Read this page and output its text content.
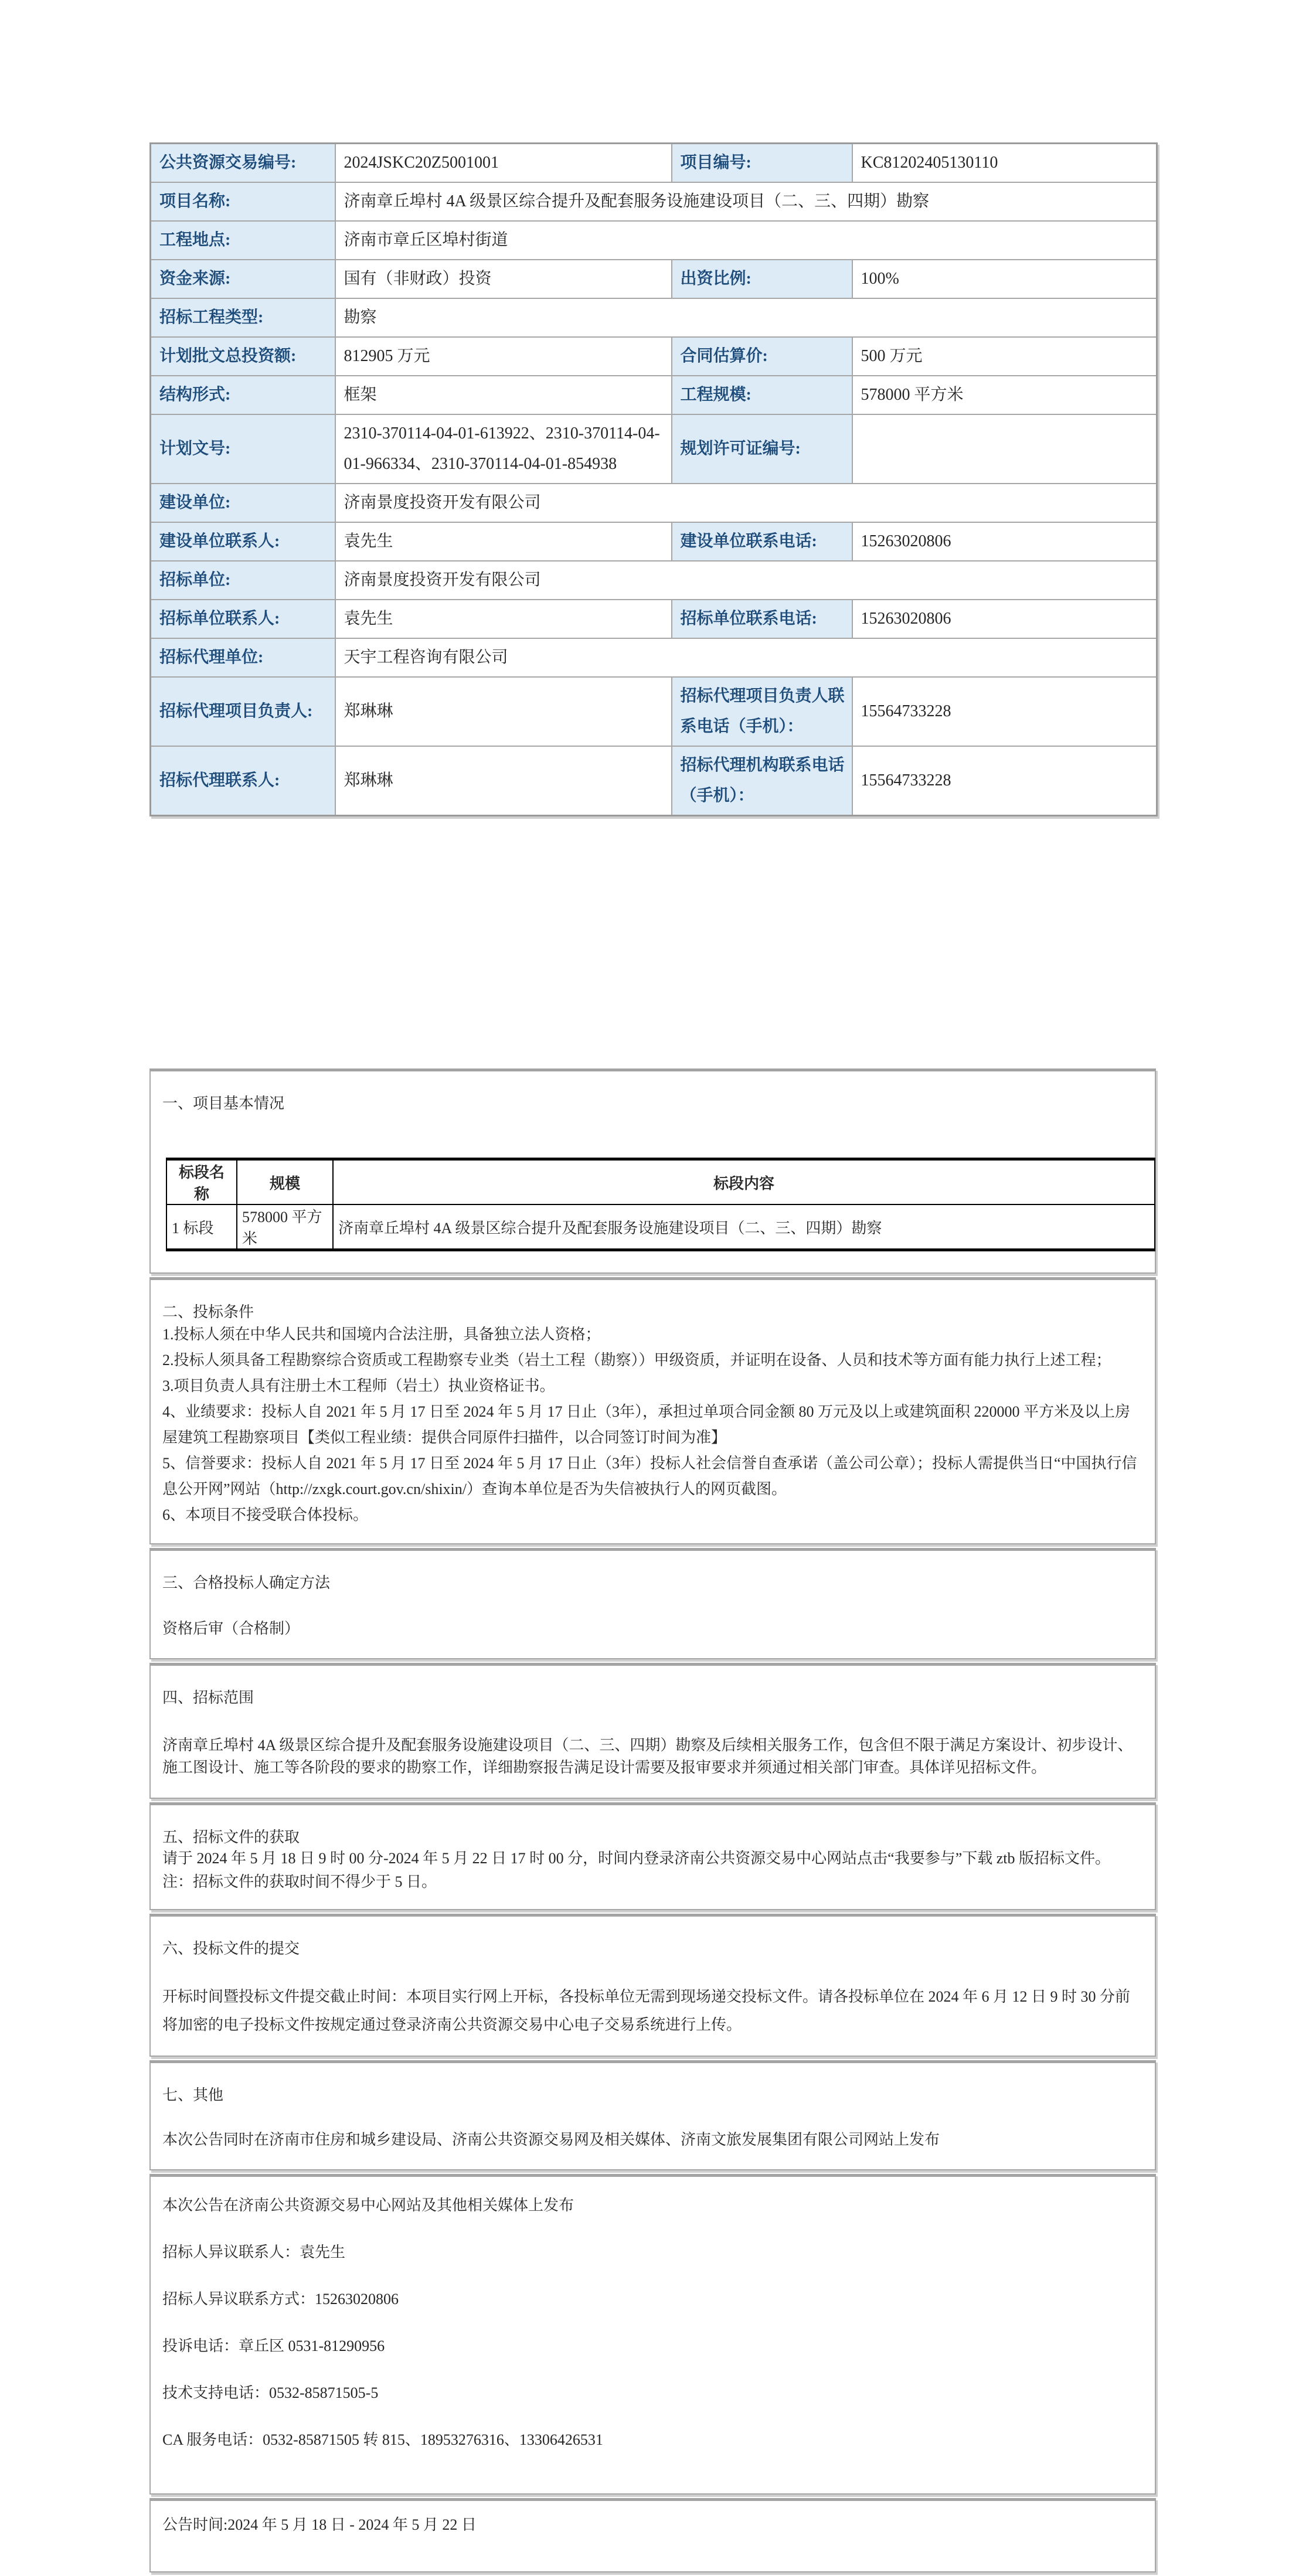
公共资源交易编号:	2024JSKC20Z5001001	项目编号:	KC81202405130110
项目名称:	济南章丘埠村 4A 级景区综合提升及配套服务设施建设项目（二、三、四期）勘察		
工程地点:	济南市章丘区埠村街道		
资金来源:	国有（非财政）投资	出资比例:	100%
招标工程类型:	勘察		
计划批文总投资额:	812905 万元	合同估算价:	500 万元
结构形式:	框架	工程规模:	578000 平方米
计划文号:	2310-370114-04-01-613922、2310-370114-04-01-966334、2310-370114-04-01-854938	规划许可证编号:	
建设单位:	济南景度投资开发有限公司		
建设单位联系人:	袁先生	建设单位联系电话:	15263020806
招标单位:	济南景度投资开发有限公司		
招标单位联系人:	袁先生	招标单位联系电话:	15263020806
招标代理单位:	天宇工程咨询有限公司		
招标代理项目负责人:	郑琳琳	招标代理项目负责人联系电话（手机）：	15564733228
招标代理联系人:	郑琳琳	招标代理机构联系电话（手机）：	15564733228

一、项目基本情况

标段名称	规模	标段内容
1 标段	578000 平方米	济南章丘埠村 4A 级景区综合提升及配套服务设施建设项目（二、三、四期）勘察

二、投标条件

1.投标人须在中华人民共和国境内合法注册，具备独立法人资格；

2.投标人须具备工程勘察综合资质或工程勘察专业类（岩土工程（勘察））甲级资质，并证明在设备、人员和技术等方面有能力执行上述工程；

3.项目负责人具有注册土木工程师（岩土）执业资格证书。

4、业绩要求：投标人自 2021 年 5 月 17 日至 2024 年 5 月 17 日止（3年），承担过单项合同金额 80 万元及以上或建筑面积 220000 平方米及以上房屋建筑工程勘察项目【类似工程业绩：提供合同原件扫描件，以合同签订时间为准】

5、信誉要求：投标人自 2021 年 5 月 17 日至 2024 年 5 月 17 日止（3年）投标人社会信誉自查承诺（盖公司公章）；投标人需提供当日“中国执行信息公开网”网站（http://zxgk.court.gov.cn/shixin/）查询本单位是否为失信被执行人的网页截图。

6、本项目不接受联合体投标。

三、合格投标人确定方法

资格后审（合格制）

四、招标范围

济南章丘埠村 4A 级景区综合提升及配套服务设施建设项目（二、三、四期）勘察及后续相关服务工作，包含但不限于满足方案设计、初步设计、施工图设计、施工等各阶段的要求的勘察工作，详细勘察报告满足设计需要及报审要求并须通过相关部门审查。具体详见招标文件。

五、招标文件的获取

请于 2024 年 5 月 18 日 9 时 00 分-2024 年 5 月 22 日 17 时 00 分，时间内登录济南公共资源交易中心网站点击“我要参与”下载 ztb 版招标文件。

注：招标文件的获取时间不得少于 5 日。

六、投标文件的提交

开标时间暨投标文件提交截止时间：本项目实行网上开标，各投标单位无需到现场递交投标文件。请各投标单位在 2024 年 6 月 12 日 9 时 30 分前将加密的电子投标文件按规定通过登录济南公共资源交易中心电子交易系统进行上传。

七、其他

本次公告同时在济南市住房和城乡建设局、济南公共资源交易网及相关媒体、济南文旅发展集团有限公司网站上发布

本次公告在济南公共资源交易中心网站及其他相关媒体上发布

招标人异议联系人：袁先生

招标人异议联系方式：15263020806

投诉电话：章丘区 0531-81290956

技术支持电话：0532-85871505-5

CA 服务电话：0532-85871505 转 815、18953276316、13306426531

公告时间:2024 年 5 月 18 日 - 2024 年 5 月 22 日
